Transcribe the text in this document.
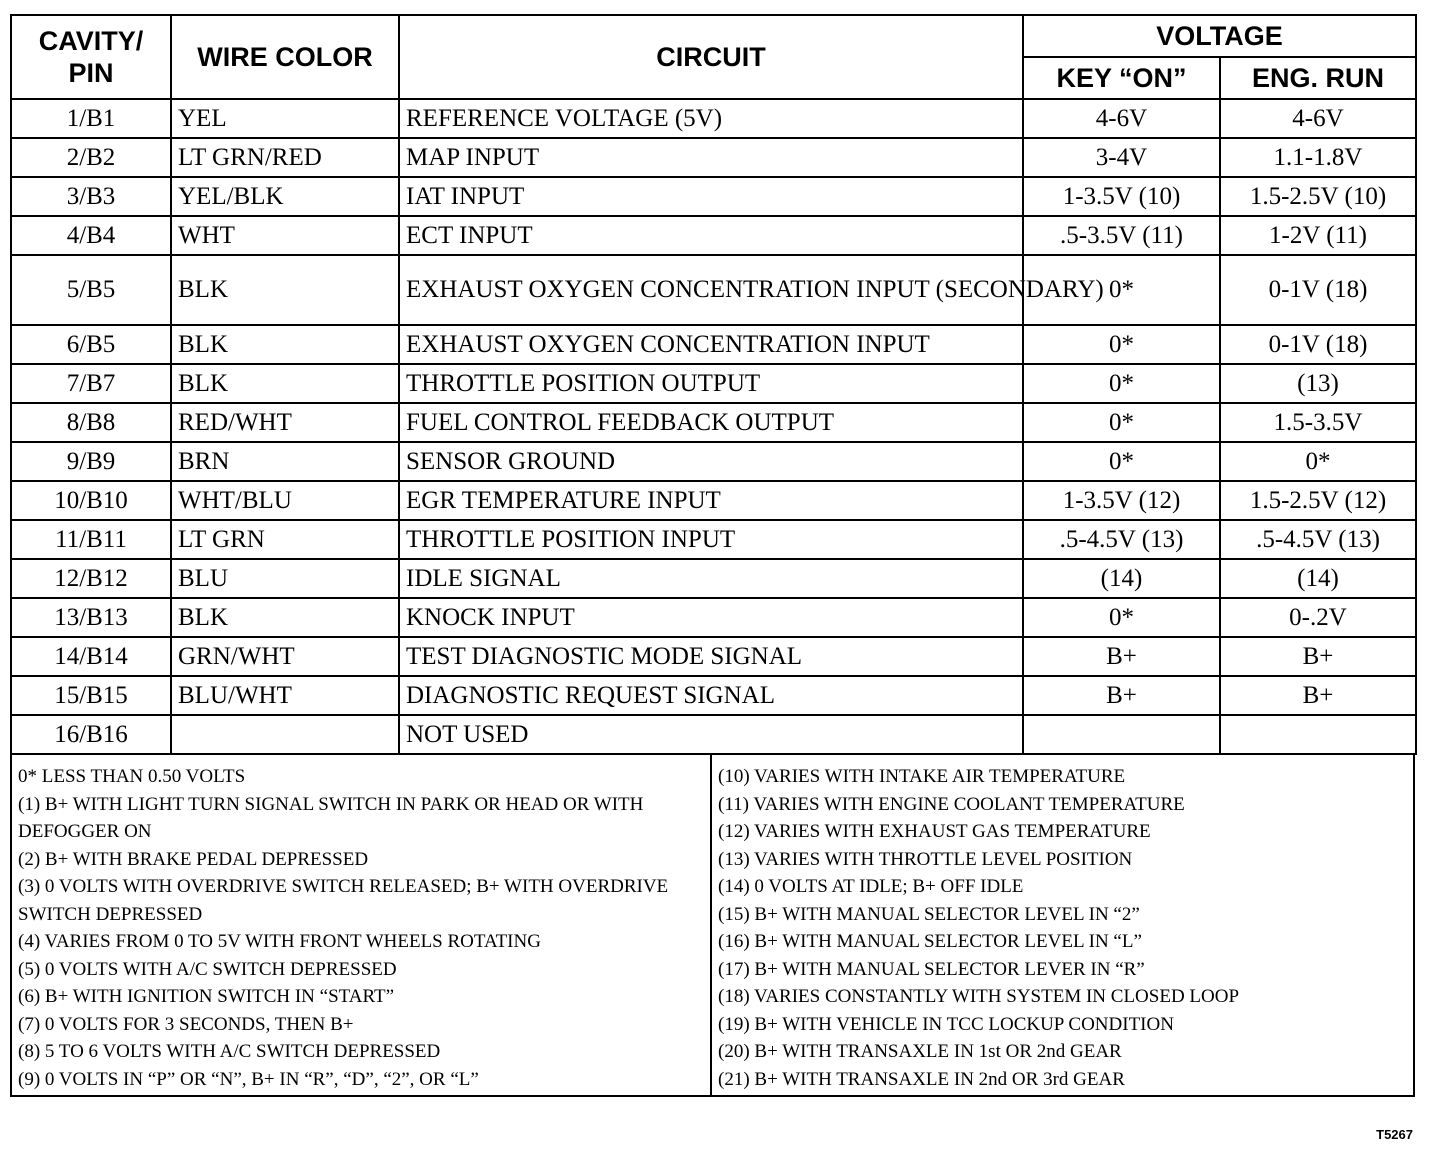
CAVITY/ PIN	WIRE COLOR	CIRCUIT	VOLTAGE	
			KEY “ON”	ENG. RUN
1/B1	YEL	REFERENCE VOLTAGE (5V)	4-6V	4-6V
2/B2	LT GRN/RED	MAP INPUT	3-4V	1.1-1.8V
3/B3	YEL/BLK	IAT INPUT	1-3.5V (10)	1.5-2.5V (10)
4/B4	WHT	ECT INPUT	.5-3.5V (11)	1-2V (11)
5/B5	BLK	EXHAUST OXYGEN CONCENTRATION INPUT (SECONDARY)	0*	0-1V (18)
6/B5	BLK	EXHAUST OXYGEN CONCENTRATION INPUT	0*	0-1V (18)
7/B7	BLK	THROTTLE POSITION OUTPUT	0*	(13)
8/B8	RED/WHT	FUEL CONTROL FEEDBACK OUTPUT	0*	1.5-3.5V
9/B9	BRN	SENSOR GROUND	0*	0*
10/B10	WHT/BLU	EGR TEMPERATURE INPUT	1-3.5V (12)	1.5-2.5V (12)
11/B11	LT GRN	THROTTLE POSITION INPUT	.5-4.5V (13)	.5-4.5V (13)
12/B12	BLU	IDLE SIGNAL	(14)	(14)
13/B13	BLK	KNOCK INPUT	0*	0-.2V
14/B14	GRN/WHT	TEST DIAGNOSTIC MODE SIGNAL	B+	B+
15/B15	BLU/WHT	DIAGNOSTIC REQUEST SIGNAL	B+	B+
16/B16		NOT USED		
0* LESS THAN 0.50 VOLTS
(1) B+ WITH LIGHT TURN SIGNAL SWITCH IN PARK OR HEAD OR WITH DEFOGGER ON
(2) B+ WITH BRAKE PEDAL DEPRESSED
(3) 0 VOLTS WITH OVERDRIVE SWITCH RELEASED; B+ WITH OVERDRIVE SWITCH DEPRESSED
(4) VARIES FROM 0 TO 5V WITH FRONT WHEELS ROTATING
(5) 0 VOLTS WITH A/C SWITCH DEPRESSED
(6) B+ WITH IGNITION SWITCH IN “START”
(7) 0 VOLTS FOR 3 SECONDS, THEN B+
(8) 5 TO 6 VOLTS WITH A/C SWITCH DEPRESSED
(9) 0 VOLTS IN “P” OR “N”, B+ IN “R”, “D”, “2”, OR “L”
(10) VARIES WITH INTAKE AIR TEMPERATURE
(11) VARIES WITH ENGINE COOLANT TEMPERATURE
(12) VARIES WITH EXHAUST GAS TEMPERATURE
(13) VARIES WITH THROTTLE LEVEL POSITION
(14) 0 VOLTS AT IDLE; B+ OFF IDLE
(15) B+ WITH MANUAL SELECTOR LEVEL IN “2”
(16) B+ WITH MANUAL SELECTOR LEVEL IN “L”
(17) B+ WITH MANUAL SELECTOR LEVER IN “R”
(18) VARIES CONSTANTLY WITH SYSTEM IN CLOSED LOOP
(19) B+ WITH VEHICLE IN TCC LOCKUP CONDITION
(20) B+ WITH TRANSAXLE IN 1st OR 2nd GEAR
(21) B+ WITH TRANSAXLE IN 2nd OR 3rd GEAR
T5267
